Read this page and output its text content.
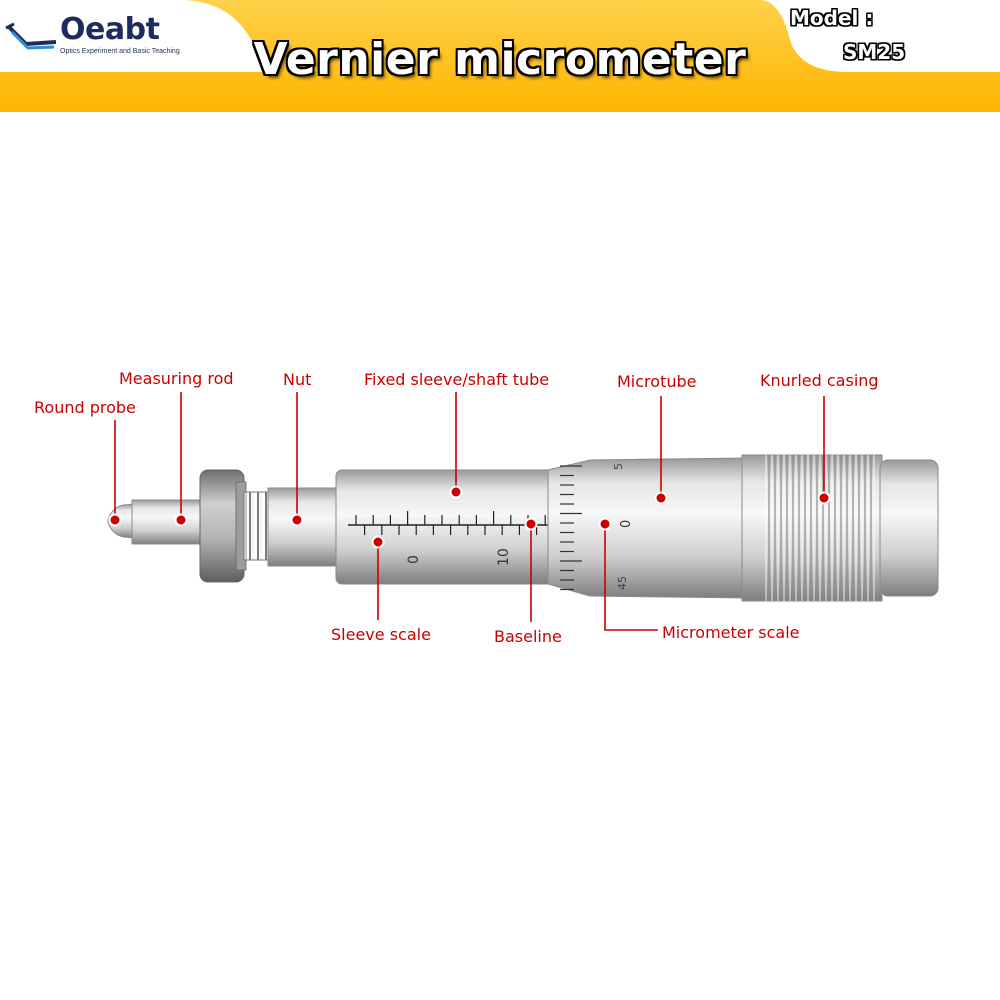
Oeabt
Optics Experiment and Basic Teaching	Vernier micrometer
Model :
SM25
0	10
0
5
45
Round probe
Measuring rod	Nut	Fixed sleeve/shaft tube	Microtube	Knurled casing
Sleeve scale	Baseline	Micrometer scale
